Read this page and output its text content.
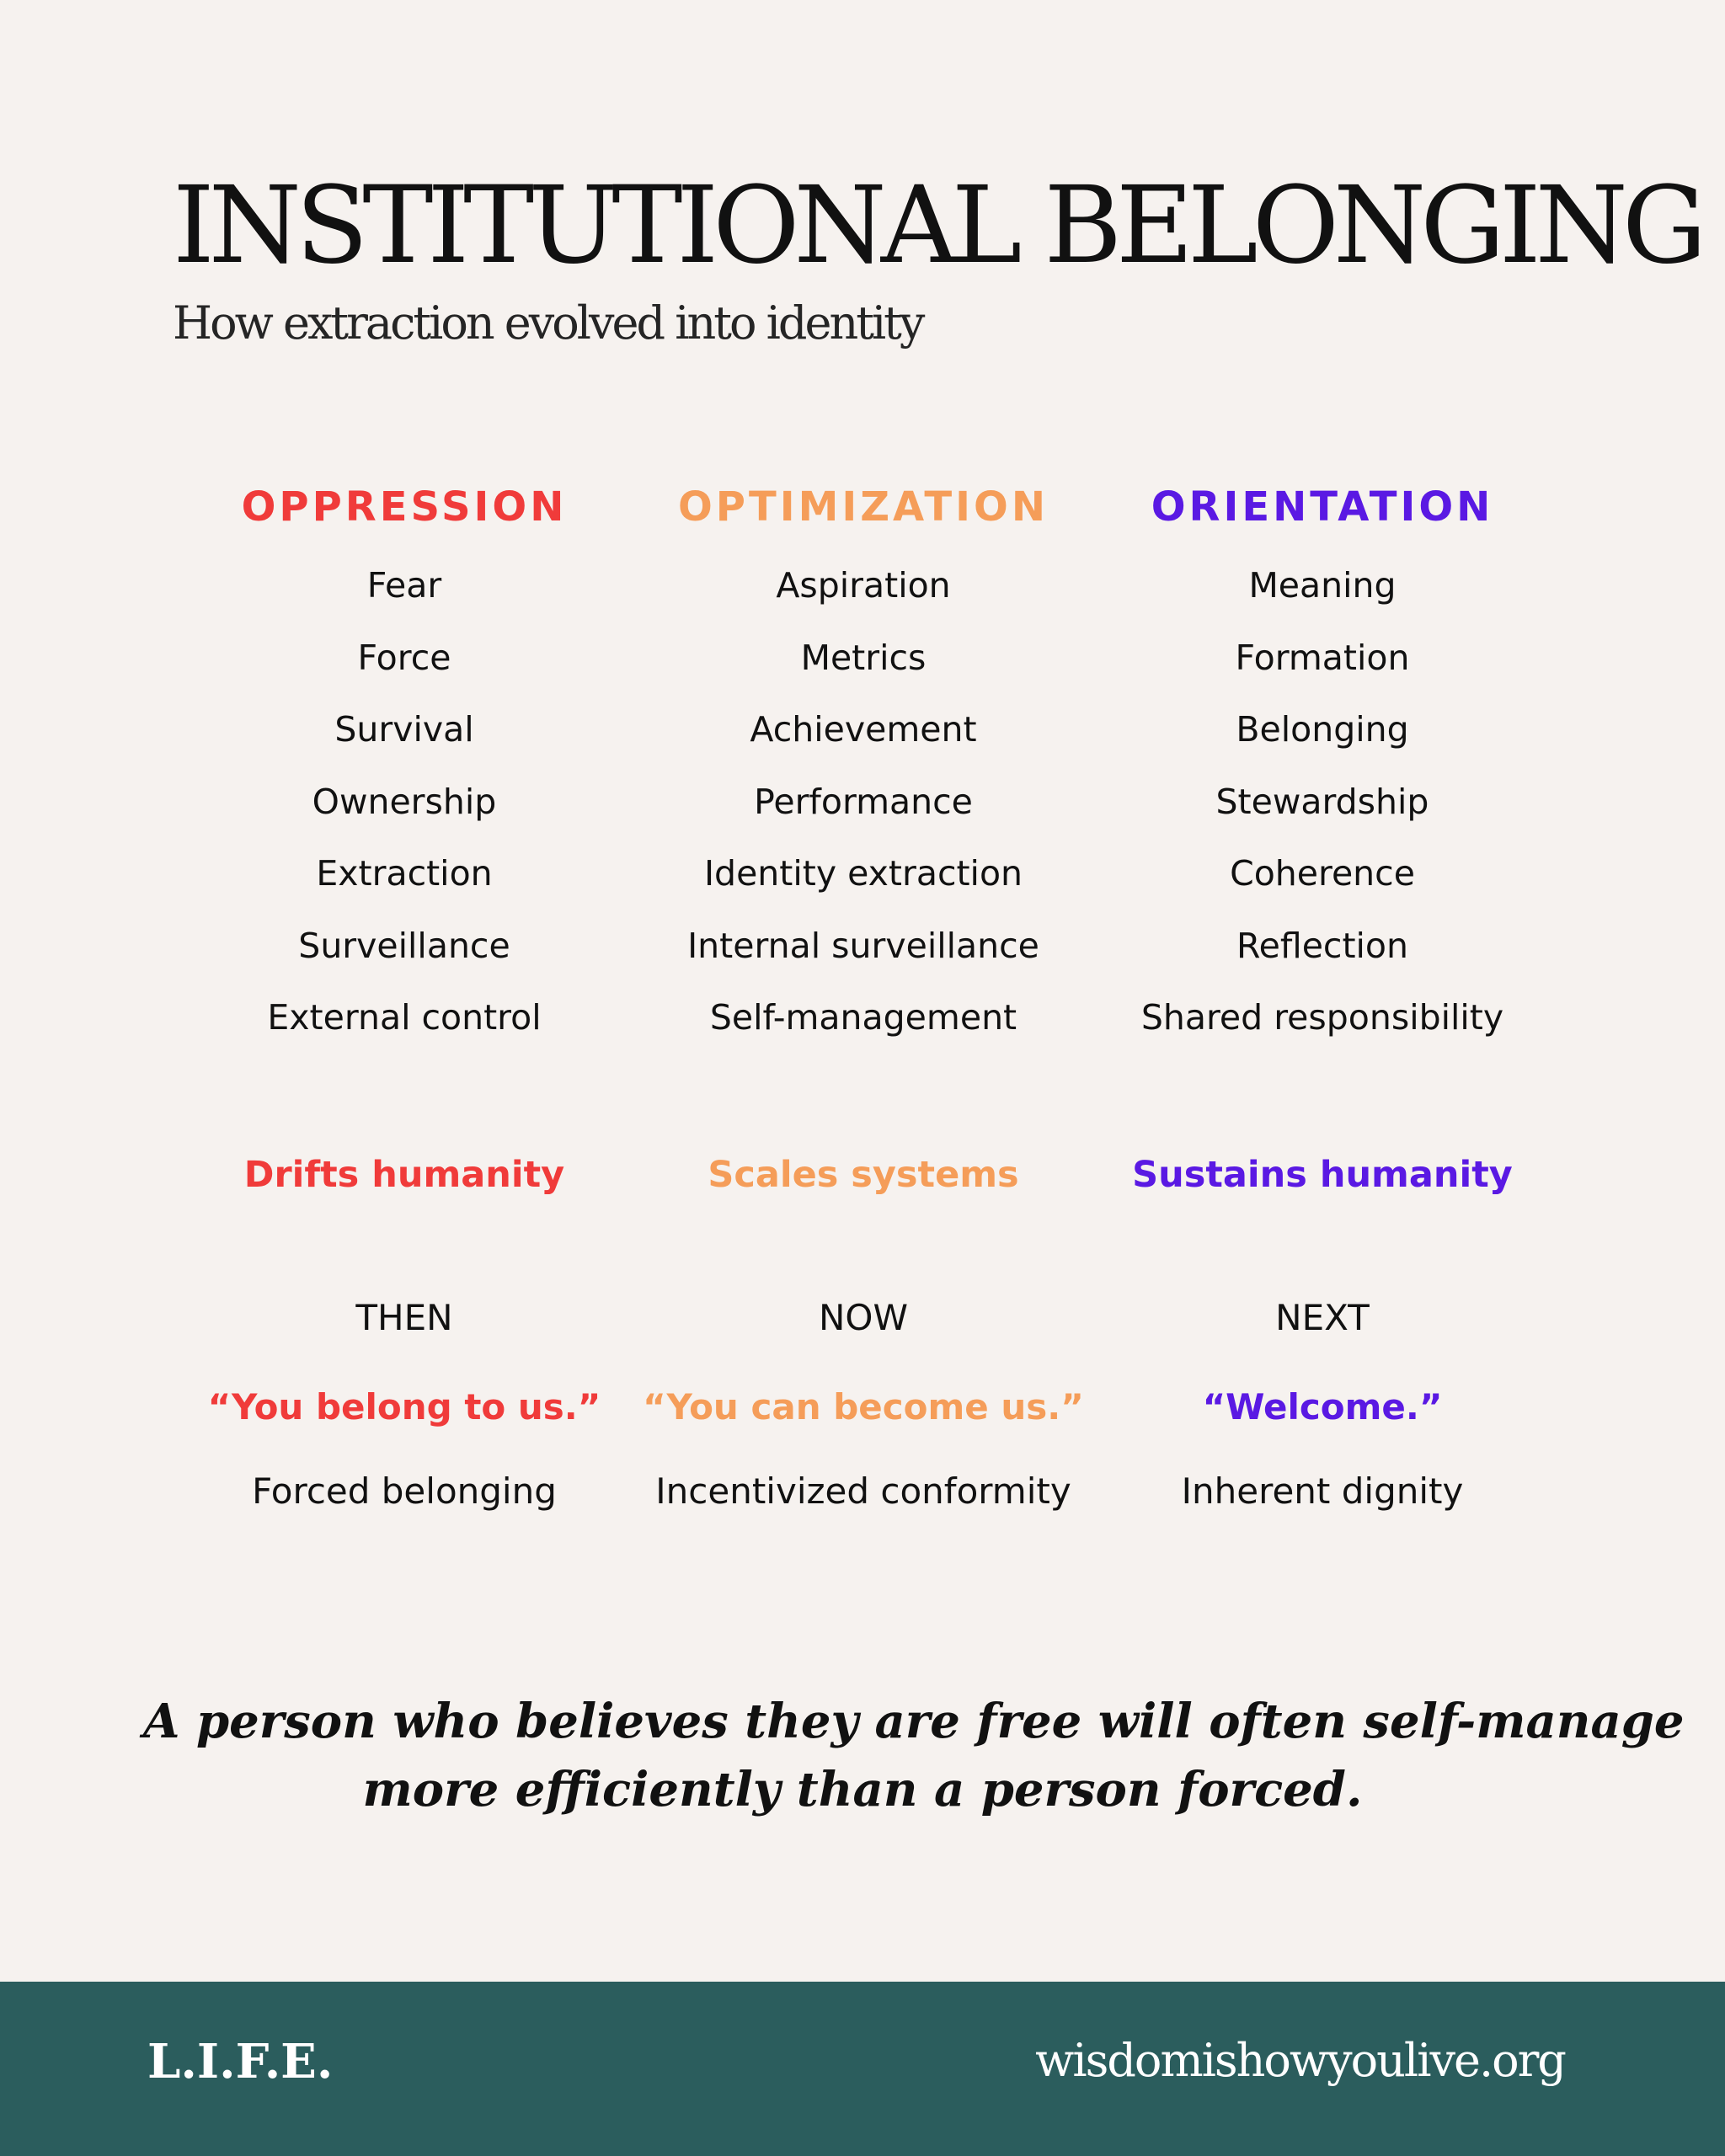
INSTITUTIONAL BELONGING

How extraction evolved into identity

OPPRESSION
Fear
Force
Survival
Ownership
Extraction
Surveillance
External control

Drifts humanity

THEN

“You belong to us.”

Forced belonging

OPTIMIZATION
Aspiration
Metrics
Achievement
Performance
Identity extraction
Internal surveillance
Self-management

Scales systems

NOW

“You can become us.”

Incentivized conformity

ORIENTATION
Meaning
Formation
Belonging
Stewardship
Coherence
Reflection
Shared responsibility

Sustains humanity

NEXT

“Welcome.”

Inherent dignity

A person who believes they are free will often self-manage
more efficiently than a person forced.

L.I.F.E.	wisdomishowyoulive.org
